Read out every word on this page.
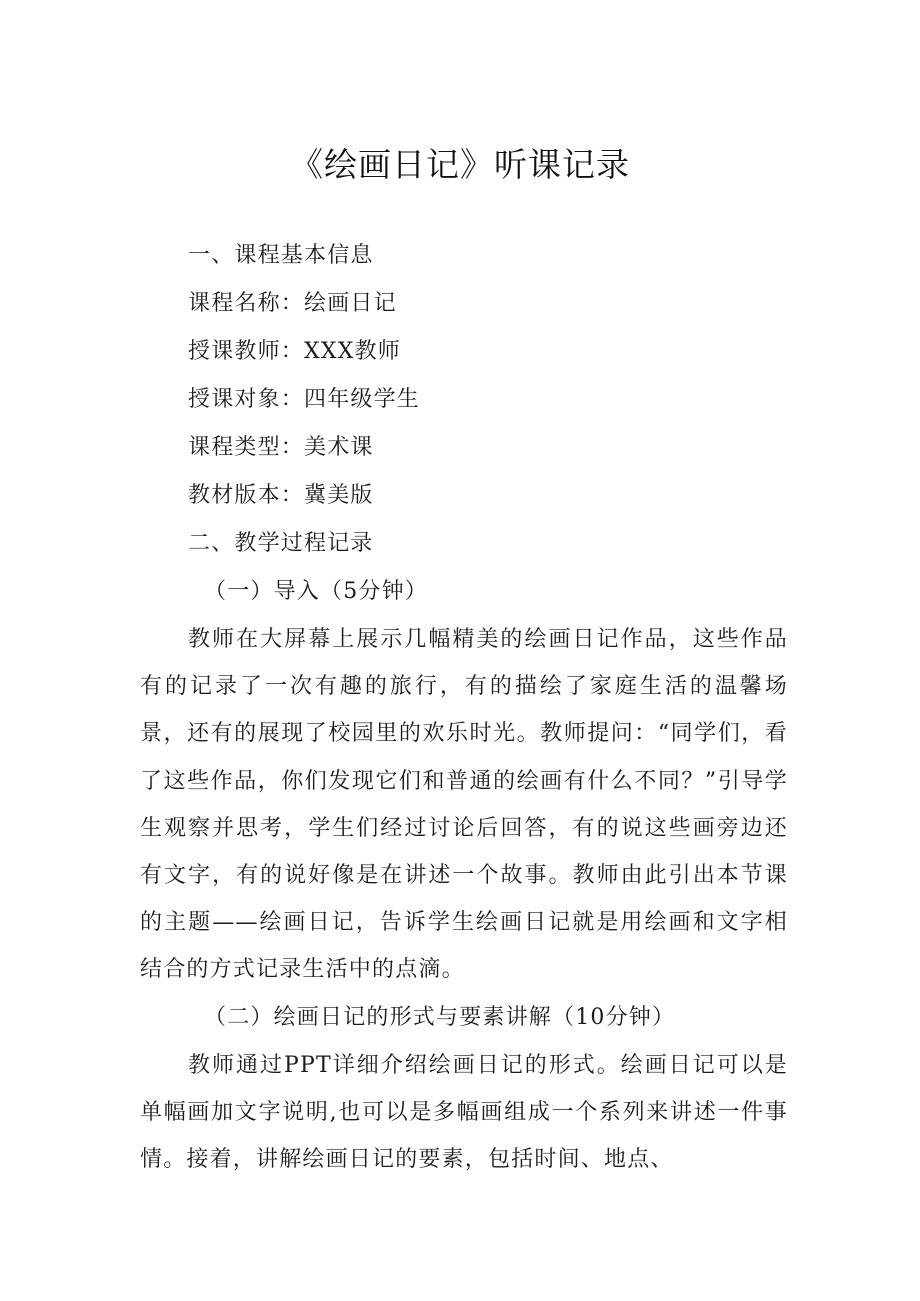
《绘画日记》听课记录

一、课程基本信息

课程名称：绘画日记

授课教师：XXX教师

授课对象：四年级学生

课程类型：美术课

教材版本：冀美版

二、教学过程记录

（一）导入（5分钟）

教师在大屏幕上展示几幅精美的绘画日记作品，这些作品有的记录了一次有趣的旅行，有的描绘了家庭生活的温馨场景，还有的展现了校园里的欢乐时光。教师提问：“同学们，看了这些作品，你们发现它们和普通的绘画有什么不同？”引导学生观察并思考，学生们经过讨论后回答，有的说这些画旁边还有文字，有的说好像是在讲述一个故事。教师由此引出本节课的主题——绘画日记，告诉学生绘画日记就是用绘画和文字相结合的方式记录生活中的点滴。

（二）绘画日记的形式与要素讲解（10分钟）

教师通过PPT详细介绍绘画日记的形式。绘画日记可以是单幅画加文字说明,也可以是多幅画组成一个系列来讲述一件事情。接着，讲解绘画日记的要素，包括时间、地点、
